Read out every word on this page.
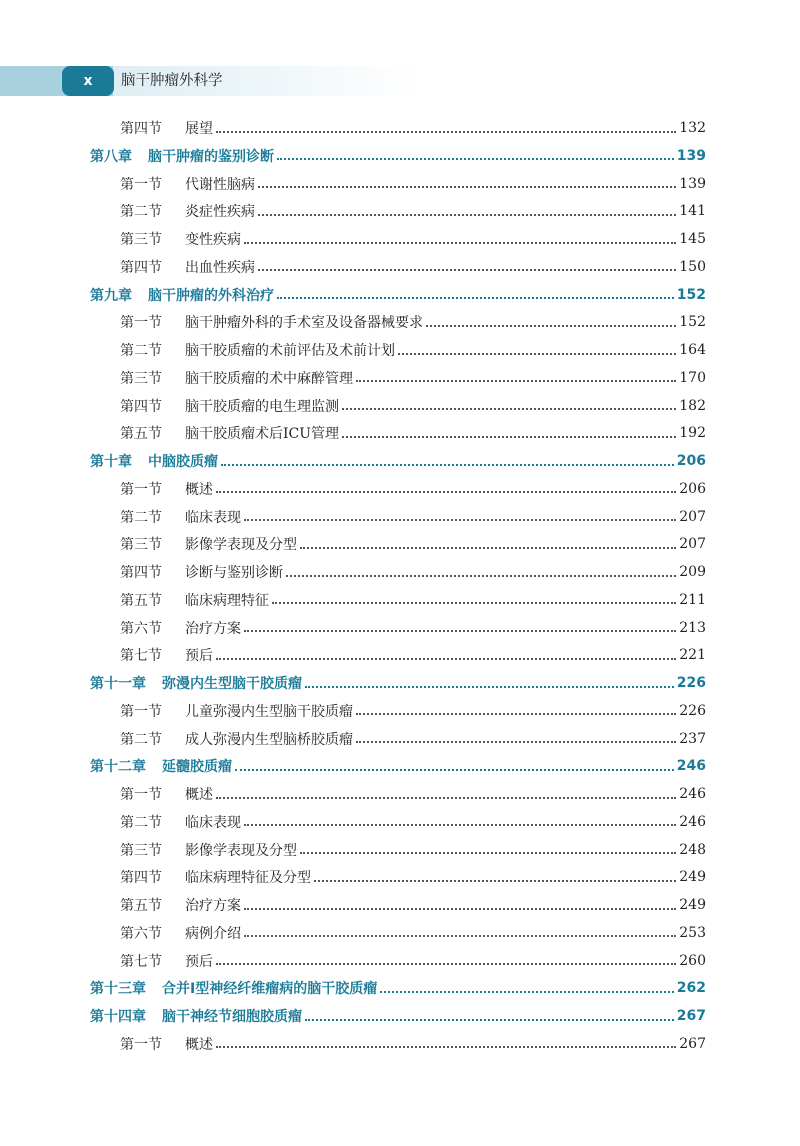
x	脑干肿瘤外科学
第四节	展望	132
第八章 脑干肿瘤的鉴别诊断	139
第一节	代谢性脑病	139
第二节	炎症性疾病	141
第三节	变性疾病	145
第四节	出血性疾病	150
第九章 脑干肿瘤的外科治疗	152
第一节	脑干肿瘤外科的手术室及设备器械要求	152
第二节	脑干胶质瘤的术前评估及术前计划	164
第三节	脑干胶质瘤的术中麻醉管理	170
第四节	脑干胶质瘤的电生理监测	182
第五节	脑干胶质瘤术后ICU管理	192
第十章 中脑胶质瘤	206
第一节	概述	206
第二节	临床表现	207
第三节	影像学表现及分型	207
第四节	诊断与鉴别诊断	209
第五节	临床病理特征	211
第六节	治疗方案	213
第七节	预后	221
第十一章 弥漫内生型脑干胶质瘤	226
第一节	儿童弥漫内生型脑干胶质瘤	226
第二节	成人弥漫内生型脑桥胶质瘤	237
第十二章 延髓胶质瘤	246
第一节	概述	246
第二节	临床表现	246
第三节	影像学表现及分型	248
第四节	临床病理特征及分型	249
第五节	治疗方案	249
第六节	病例介绍	253
第七节	预后	260
第十三章 合并Ⅰ型神经纤维瘤病的脑干胶质瘤	262
第十四章 脑干神经节细胞胶质瘤	267
第一节	概述	267
